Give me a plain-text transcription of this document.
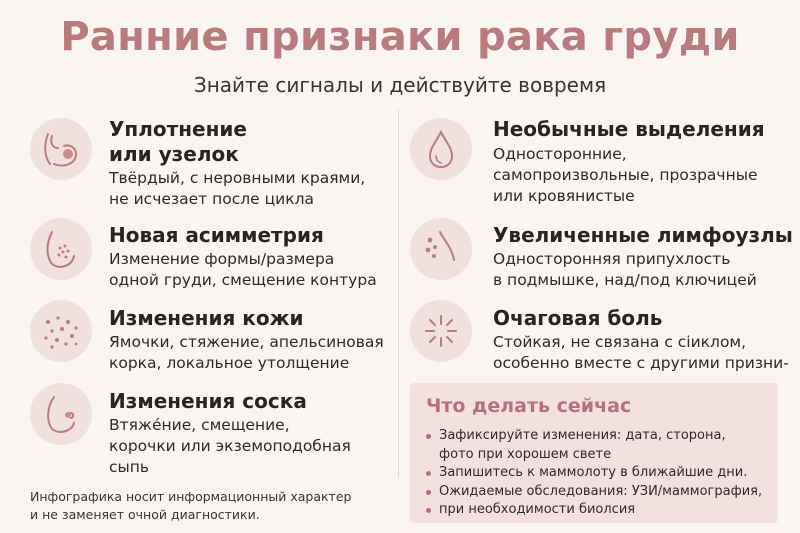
Ранние признаки рака груди
Знайте сигналы и действуйте вовремя
Уплотнение
или узелок
Твёрдый, с неровными краями,
не исчезает после цикла
Новая асимметрия
Изменение формы/размера
одной груди, смещение контура
Изменения кожи
Ямочки, стяжение, апельсиновая
корка, локальное утолщение
Изменения соска
Втяжéние, смещение,
корочки или экземоподобная
сыпь
Необычные выделения
Односторонние,
самопроизвольные, прозрачные
или кровянистые
Увеличенные лимфоузлы
Односторонняя припухлость
в подмышке, над/под ключицей
Очаговая боль
Стойкая, не связана с сiиклом,
особенно вместе с другими призни-
Что делать сейчас
Зафиксируйте изменения: дата, сторона,
фото при хорошем свете
Запишитесь к маммолоту в ближайшие дни.
Ожидаемые обследования: УЗИ/маммография,
при необходимости биолсия
Инфографика носит информационный характер
и не заменяет очной диагностики.
